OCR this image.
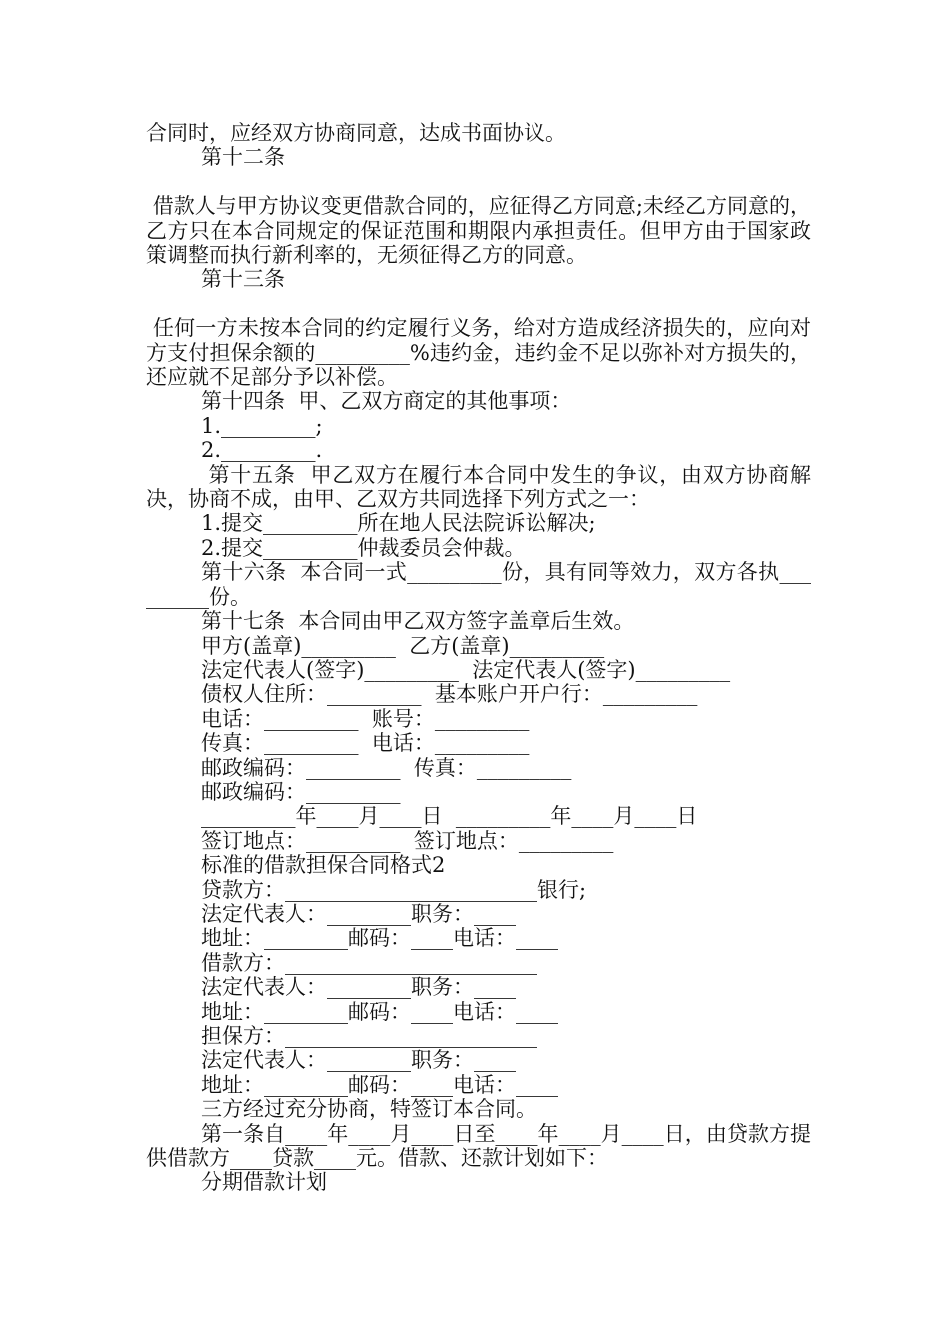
合同时，应经双方协商同意，达成书面协议。

第十二条

借款人与甲方协议变更借款合同的，应征得乙方同意;未经乙方同意的，乙方只在本合同规定的保证范围和期限内承担责任。但甲方由于国家政策调整而执行新利率的，无须征得乙方的同意。

第十三条

任何一方未按本合同的约定履行义务，给对方造成经济损失的，应向对方支付担保余额的_________%违约金，违约金不足以弥补对方损失的，还应就不足部分予以补偿。

第十四条  甲、乙双方商定的其他事项：

1._________;

2._________.

第十五条  甲乙双方在履行本合同中发生的争议，由双方协商解决，协商不成，由甲、乙双方共同选择下列方式之一：

1.提交_________所在地人民法院诉讼解决;

2.提交_________仲裁委员会仲裁。

第十六条  本合同一式_________份，具有同等效力，双方各执_________份。

第十七条  本合同由甲乙双方签字盖章后生效。

甲方(盖章)_________  乙方(盖章)_________

法定代表人(签字)_________  法定代表人(签字)_________

债权人住所：_________  基本账户开户行：_________

电话：_________  账号：_________

传真：_________  电话：_________

邮政编码：_________  传真：_________

邮政编码：_________

_________年____月____日  _________年____月____日

签订地点：_________  签订地点：_________

标准的借款担保合同格式2

贷款方：________________________银行;

法定代表人：________职务：____

地址：________邮码：____电话：____

借款方：________________________

法定代表人：________职务：____

地址：________邮码：____电话：____

担保方：________________________

法定代表人：________职务：____

地址：________邮码：____电话：____

三方经过充分协商，特签订本合同。

第一条自____年____月____日至____年____月____日，由贷款方提供借款方____贷款____元。借款、还款计划如下：

分期借款计划
